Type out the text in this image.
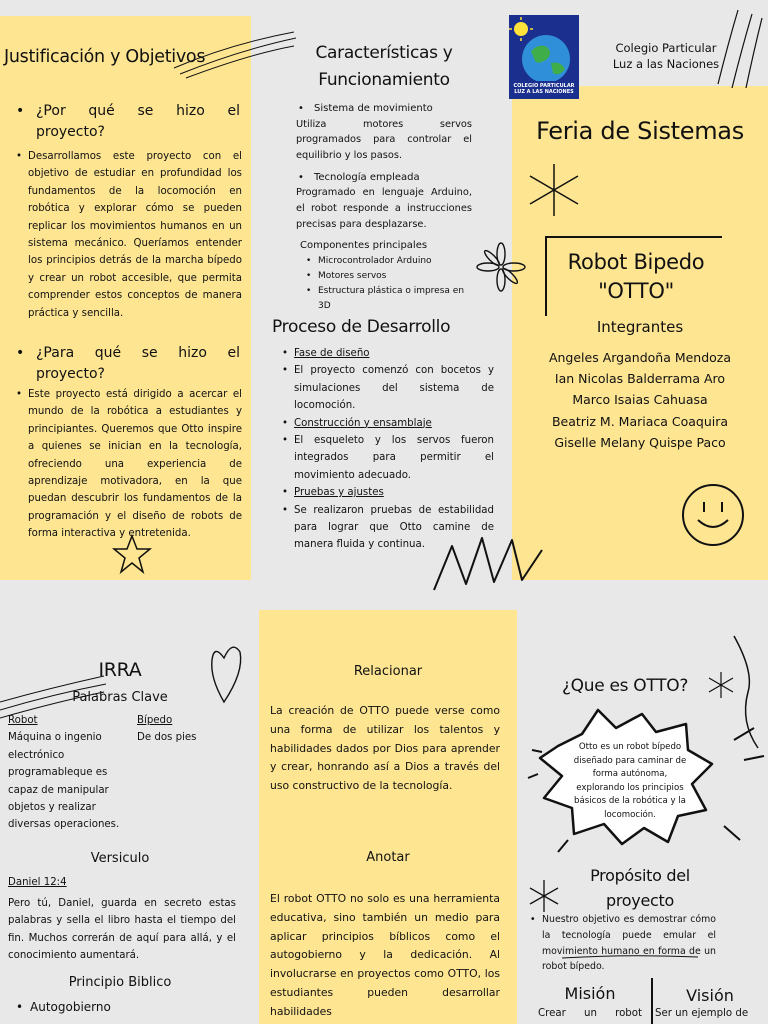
Justificación y Objetivos
• ¿Por qué se hizo el proyecto?
• Desarrollamos este proyecto con el objetivo de estudiar en profundidad los fundamentos de la locomoción en robótica y explorar cómo se pueden replicar los movimientos humanos en un sistema mecánico. Queríamos entender los principios detrás de la marcha bípedo y crear un robot accesible, que permita comprender estos conceptos de manera práctica y sencilla.
• ¿Para qué se hizo el proyecto?
• Este proyecto está dirigido a acercar el mundo de la robótica a estudiantes y principiantes. Queremos que Otto inspire a quienes se inician en la tecnología, ofreciendo una experiencia de aprendizaje motivadora, en la que puedan descubrir los fundamentos de la programación y el diseño de robots de forma interactiva y entretenida.
Características y
Funcionamiento
• Sistema de movimiento
Utiliza motores servos programados para controlar el equilibrio y los pasos.
• Tecnología empleada
Programado en lenguaje Arduino, el robot responde a instrucciones precisas para desplazarse.
Componentes principales
• Microcontrolador Arduino
• Motores servos
• Estructura plástica o impresa en 3D
Proceso de Desarrollo
• Fase de diseño
• El proyecto comenzó con bocetos y simulaciones del sistema de locomoción.
• Construcción y ensamblaje
• El esqueleto y los servos fueron integrados para permitir el movimiento adecuado.
• Pruebas y ajustes
• Se realizaron pruebas de estabilidad para lograr que Otto camine de manera fluida y continua.
COLEGIO PARTICULAR LUZ A LAS NACIONES
Colegio Particular
Luz a las Naciones
Feria de Sistemas
Robot Bipedo
"OTTO"
Integrantes
Angeles Argandoña Mendoza
Ian Nicolas Balderrama Aro
Marco Isaias Cahuasa
Beatriz M. Mariaca Coaquira
Giselle Melany Quispe Paco
IRRA
Palabras Clave
Robot
Máquina o ingenio electrónico programableque es capaz de manipular objetos y realizar diversas operaciones.
Bípedo
De dos pies
Versiculo
Daniel 12:4
Pero tú, Daniel, guarda en secreto estas palabras y sella el libro hasta el tiempo del fin. Muchos correrán de aquí para allá, y el conocimiento aumentará.
Principio Biblico
• Autogobierno
Relacionar
La creación de OTTO puede verse como una forma de utilizar los talentos y habilidades dados por Dios para aprender y crear, honrando así a Dios a través del uso constructivo de la tecnología.
Anotar
El robot OTTO no solo es una herramienta educativa, sino también un medio para aplicar principios bíblicos como el autogobierno y la dedicación. Al involucrarse en proyectos como OTTO, los estudiantes pueden desarrollar habilidades
¿Que es OTTO?
Otto es un robot bípedo diseñado para caminar de forma autónoma, explorando los principios básicos de la robótica y la locomoción.
Propósito del
proyecto
• Nuestro objetivo es demostrar cómo la tecnología puede emular el movimiento humano en forma de un robot bípedo.
Misión
Crear un robot
Visión
Ser un ejemplo de
